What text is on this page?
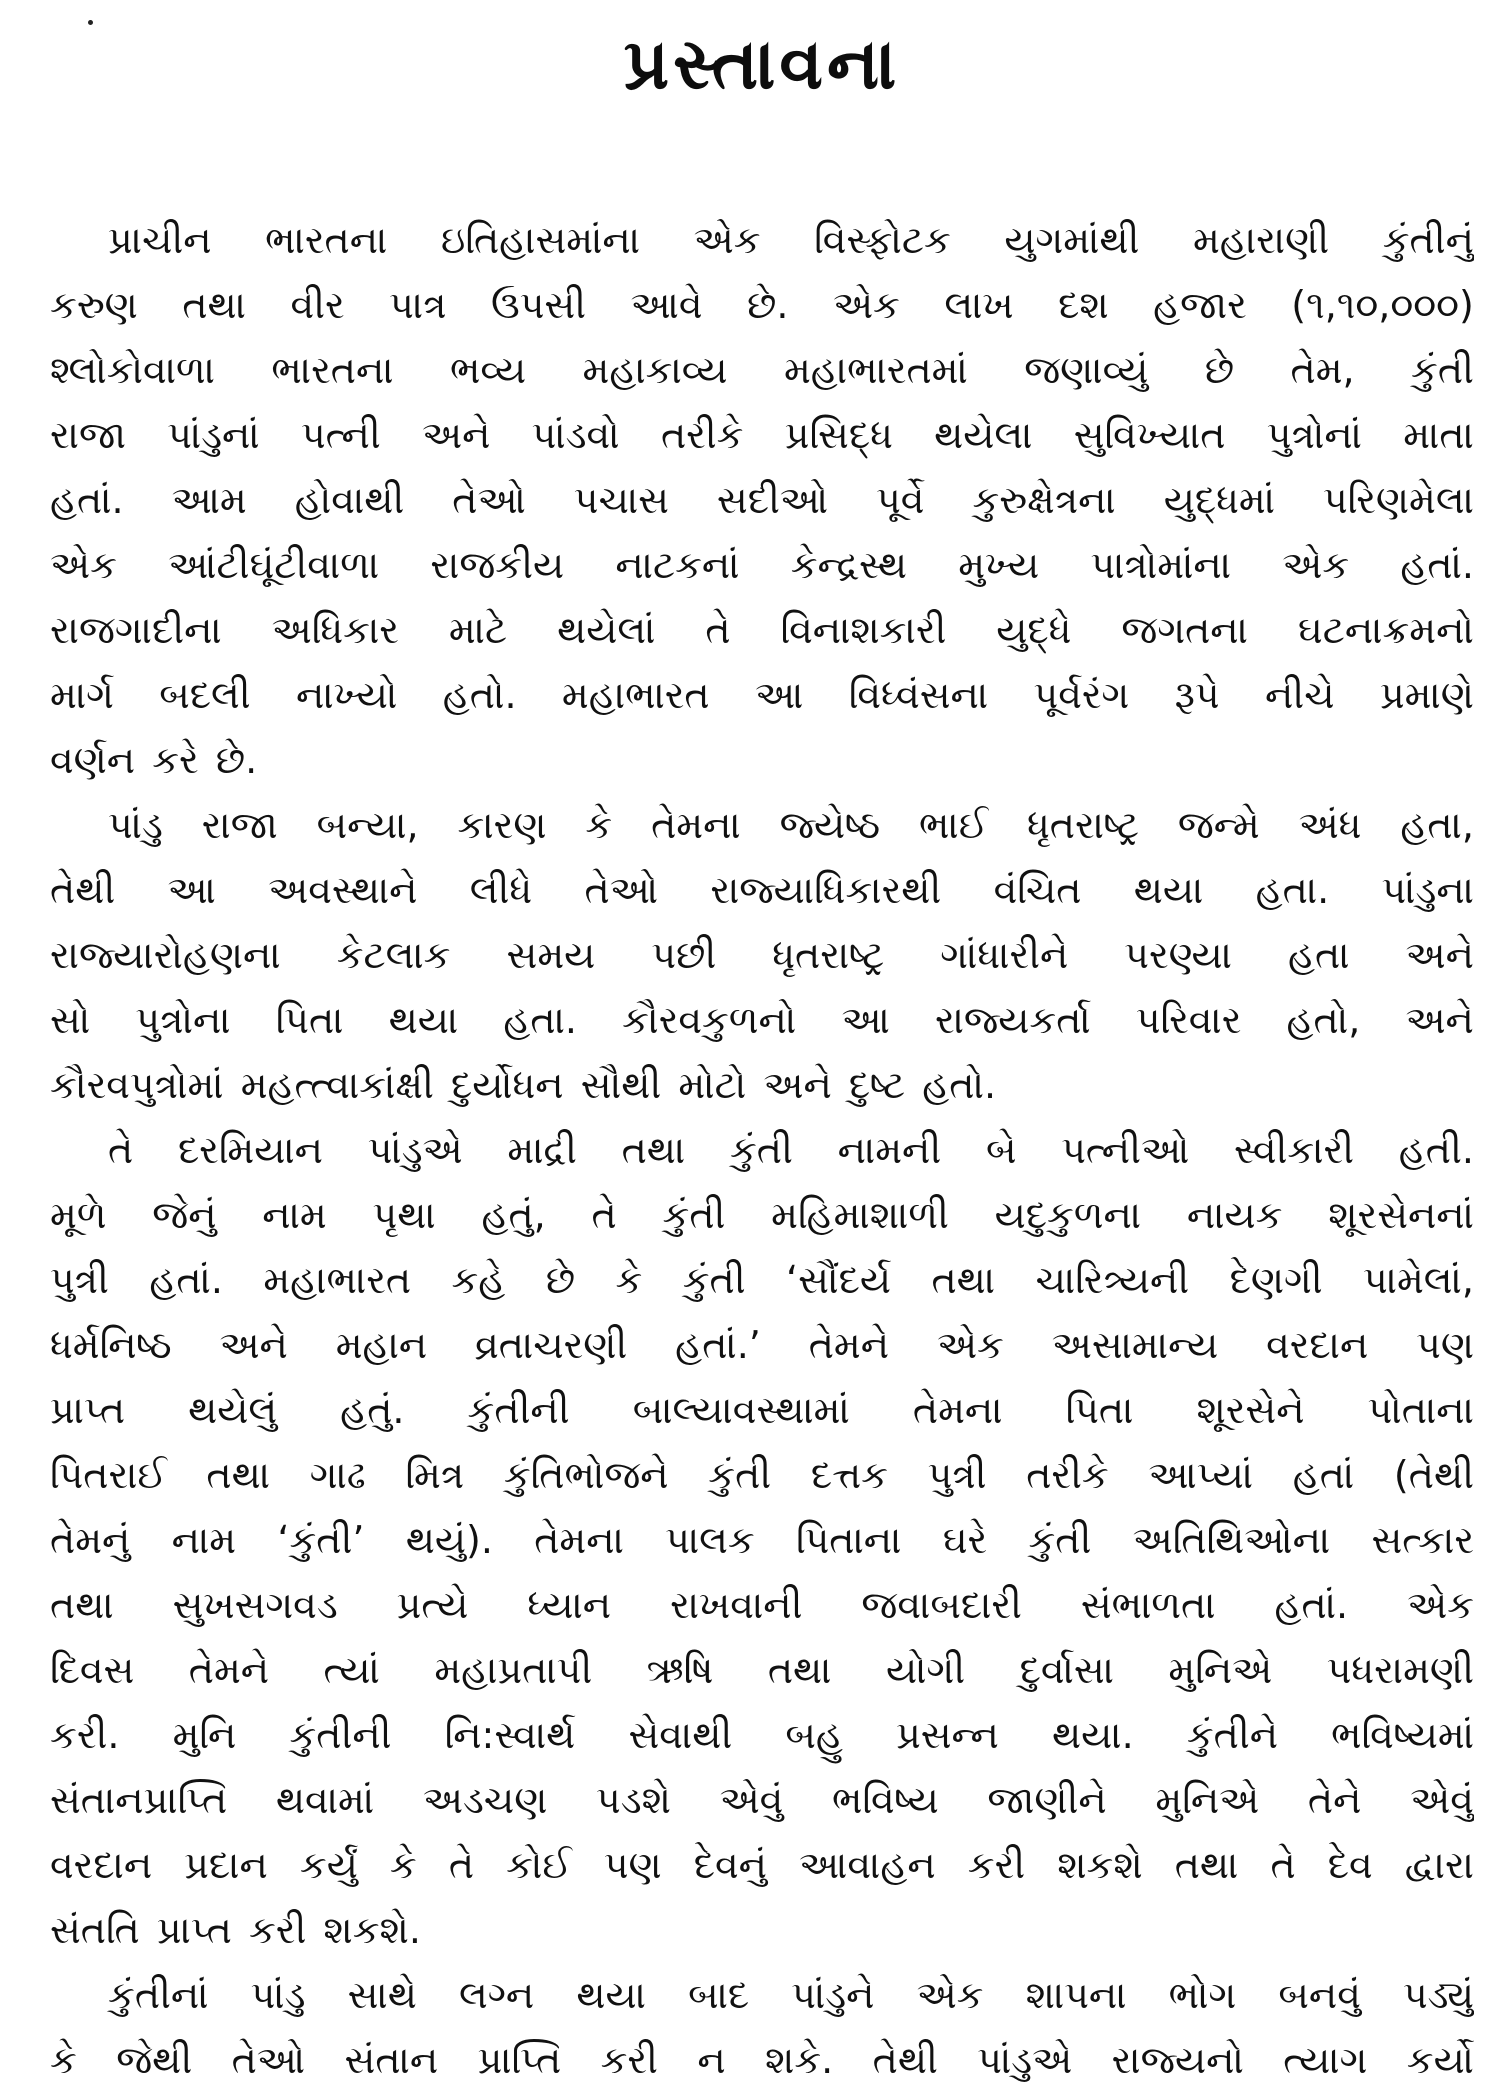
પ્રસ્તાવના
પ્રાચીન ભારતના ઇતિહાસમાંના એક વિસ્ફોટક યુગમાંથી મહારાણી કુંતીનું
કરુણ તથા વીર પાત્ર ઉપસી આવે છે. એક લાખ દશ હજાર (૧,૧૦,૦૦૦)
શ્લોકોવાળા ભારતના ભવ્ય મહાકાવ્ય મહાભારતમાં જણાવ્યું છે તેમ, કુંતી
રાજા પાંડુનાં પત્ની અને પાંડવો તરીકે પ્રસિદ્ધ થયેલા સુવિખ્યાત પુત્રોનાં માતા
હતાં. આમ હોવાથી તેઓ પચાસ સદીઓ પૂર્વે કુરુક્ષેત્રના યુદ્ધમાં પરિણમેલા
એક આંટીઘૂંટીવાળા રાજકીય નાટકનાં કેન્દ્રસ્થ મુખ્ય પાત્રોમાંના એક હતાં.
રાજગાદીના અધિકાર માટે થયેલાં તે વિનાશકારી યુદ્ધે જગતના ઘટનાક્રમનો
માર્ગ બદલી નાખ્યો હતો. મહાભારત આ વિધ્વંસના પૂર્વરંગ રૂપે નીચે પ્રમાણે
વર્ણન કરે છે.
પાંડુ રાજા બન્યા, કારણ કે તેમના જ્યેષ્ઠ ભાઈ ધૃતરાષ્ટ્ર જન્મે અંધ હતા,
તેથી આ અવસ્થાને લીધે તેઓ રાજ્યાધિકારથી વંચિત થયા હતા. પાંડુના
રાજ્યારોહણના કેટલાક સમય પછી ધૃતરાષ્ટ્ર ગાંધારીને પરણ્યા હતા અને
સો પુત્રોના પિતા થયા હતા. કૌરવકુળનો આ રાજ્યકર્તા પરિવાર હતો, અને
કૌરવપુત્રોમાં મહત્ત્વાકાંક્ષી દુર્યોધન સૌથી મોટો અને દુષ્ટ હતો.
તે દરમિયાન પાંડુએ માદ્રી તથા કુંતી નામની બે પત્નીઓ સ્વીકારી હતી.
મૂળે જેનું નામ પૃથા હતું, તે કુંતી મહિમાશાળી યદુકુળના નાયક શૂરસેનનાં
પુત્રી હતાં. મહાભારત કહે છે કે કુંતી ‘સૌંદર્ય તથા ચારિત્ર્યની દેણગી પામેલાં,
ધર્મનિષ્ઠ અને મહાન વ્રતાચરણી હતાં.’ તેમને એક અસામાન્ય વરદાન પણ
પ્રાપ્ત થયેલું હતું. કુંતીની બાલ્યાવસ્થામાં તેમના પિતા શૂરસેને પોતાના
પિતરાઈ તથા ગાઢ મિત્ર કુંતિભોજને કુંતી દત્તક પુત્રી તરીકે આપ્યાં હતાં (તેથી
તેમનું નામ ‘કુંતી’ થયું). તેમના પાલક પિતાના ઘરે કુંતી અતિથિઓના સત્કાર
તથા સુખસગવડ પ્રત્યે ધ્યાન રાખવાની જવાબદારી સંભાળતા હતાં. એક
દિવસ તેમને ત્યાં મહાપ્રતાપી ઋષિ તથા યોગી દુર્વાસા મુનિએ પધરામણી
કરી. મુનિ કુંતીની નિ:સ્વાર્થ સેવાથી બહુ પ્રસન્ન થયા. કુંતીને ભવિષ્યમાં
સંતાનપ્રાપ્તિ થવામાં અડચણ પડશે એવું ભવિષ્ય જાણીને મુનિએ તેને એવું
વરદાન પ્રદાન કર્યું કે તે કોઈ પણ દેવનું આવાહન કરી શકશે તથા તે દેવ દ્વારા
સંતતિ પ્રાપ્ત કરી શકશે.
કુંતીનાં પાંડુ સાથે લગ્ન થયા બાદ પાંડુને એક શાપના ભોગ બનવું પડ્યું
કે જેથી તેઓ સંતાન પ્રાપ્તિ કરી ન શકે. તેથી પાંડુએ રાજ્યનો ત્યાગ કર્યો
